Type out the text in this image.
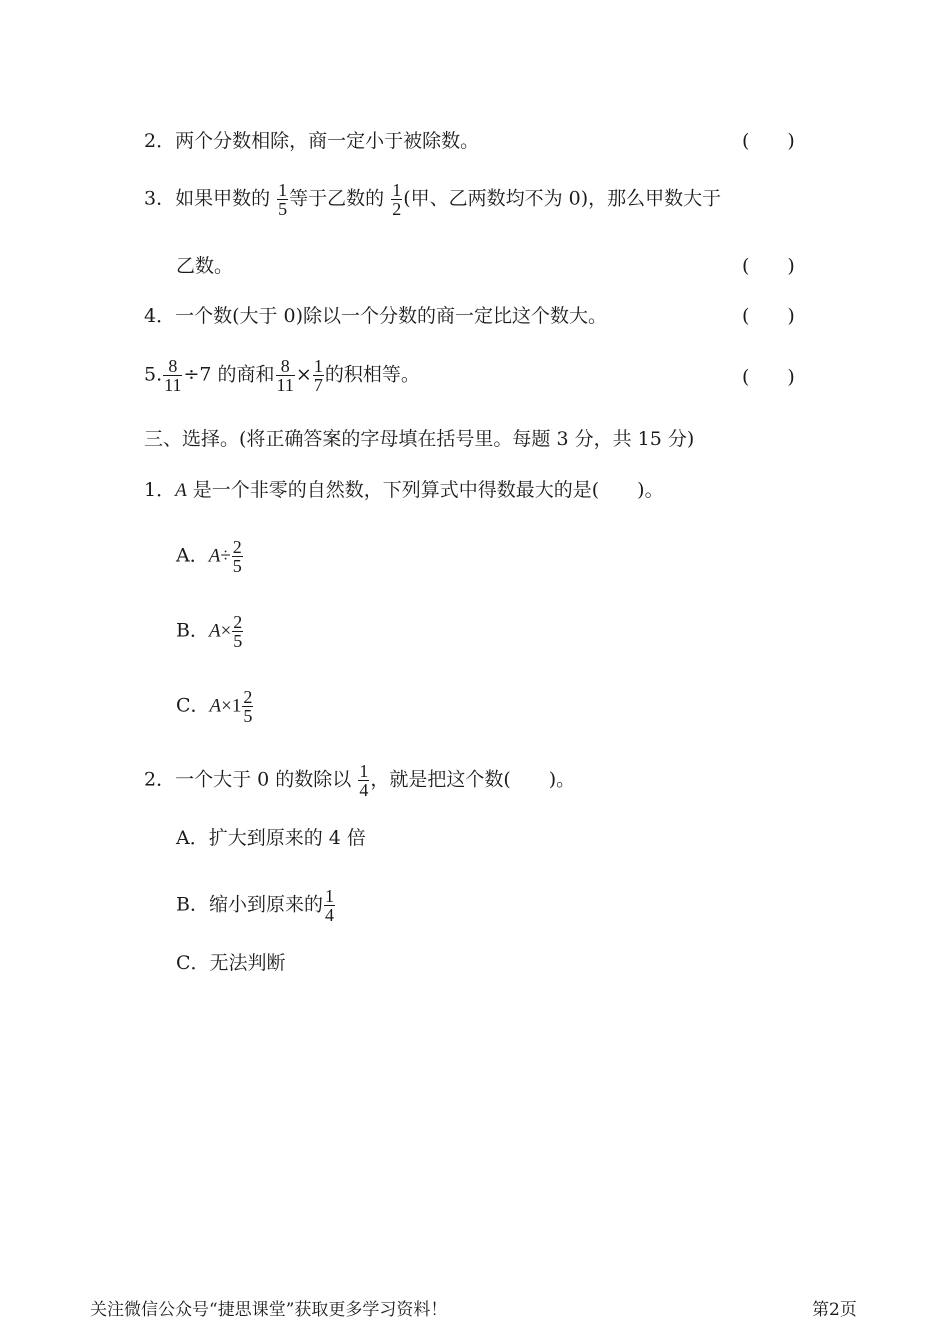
2．两个分数相除，商一定小于被除数。	(　　)
3．如果甲数的 $\frac{1}{5}$ 等于乙数的 $\frac{1}{2}$ (甲、乙两数均不为 0)，那么甲数大于
乙数。	(　　)
4．一个数(大于 0)除以一个分数的商一定比这个数大。	(　　)
5. $\frac{8}{11} \div 7$ 的商和 $\frac{8}{11} \times \frac{1}{7}$ 的积相等。	(　　)
三、选择。(将正确答案的字母填在括号里。每题 3 分，共 15 分)
1．A 是一个非零的自然数，下列算式中得数最大的是(　　)。
A．$A\div \frac{2}{5}$
B．$A\times \frac{2}{5}$
C．$A\times 1 \frac{2}{5}$
2．一个大于 0 的数除以 $\frac{1}{4}$ ，就是把这个数(　　)。
A．扩大到原来的 4 倍
B．缩小到原来的 $\frac{1}{4}$
C．无法判断
关注微信公众号“捷思课堂”获取更多学习资料！	第2页
